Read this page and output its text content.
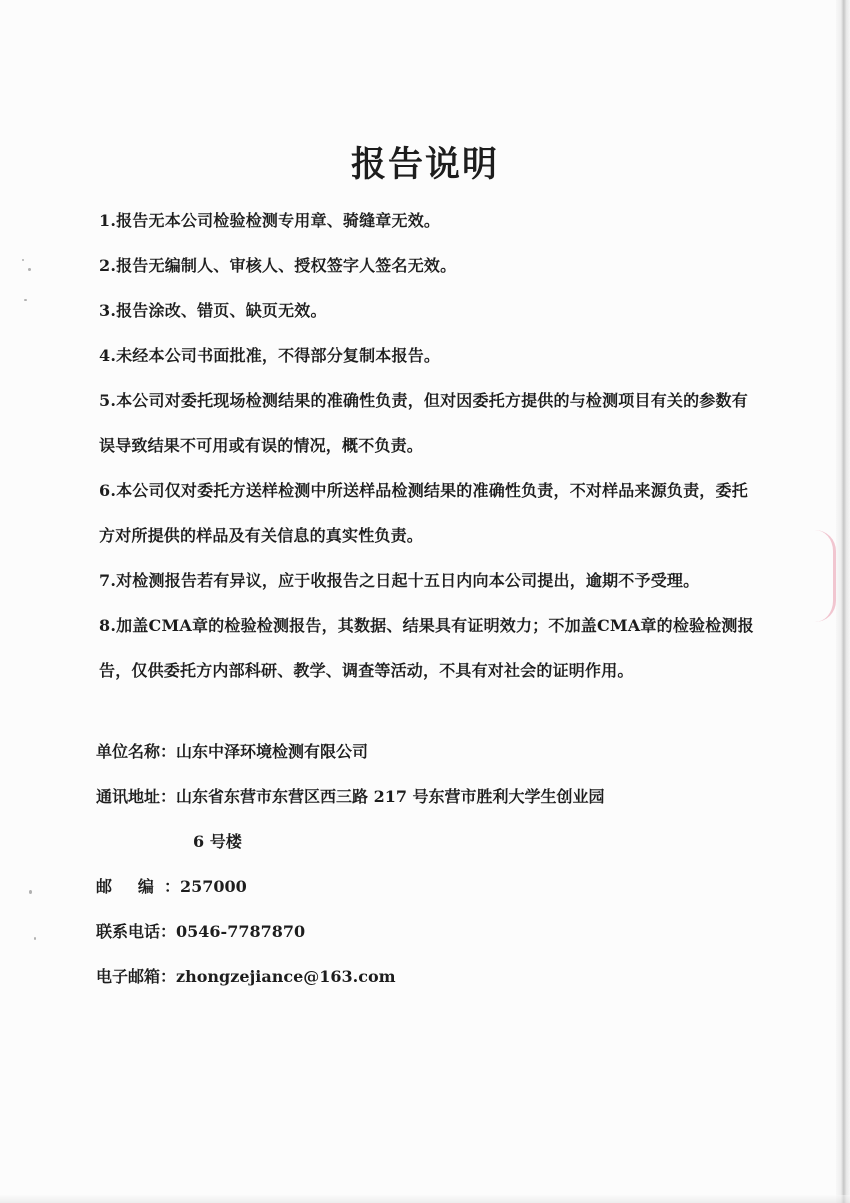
报告说明

1.报告无本公司检验检测专用章、骑缝章无效。

2.报告无编制人、审核人、授权签字人签名无效。

3.报告涂改、错页、缺页无效。

4.未经本公司书面批准，不得部分复制本报告。

5.本公司对委托现场检测结果的准确性负责，但对因委托方提供的与检测项目有关的参数有误导致结果不可用或有误的情况，概不负责。

6.本公司仅对委托方送样检测中所送样品检测结果的准确性负责，不对样品来源负责，委托方对所提供的样品及有关信息的真实性负责。

7.对检测报告若有异议，应于收报告之日起十五日内向本公司提出，逾期不予受理。

8.加盖CMA章的检验检测报告，其数据、结果具有证明效力；不加盖CMA章的检验检测报告，仅供委托方内部科研、教学、调查等活动，不具有对社会的证明作用。

单位名称： 山东中泽环境检测有限公司
通讯地址： 山东省东营市东营区西三路 217 号东营市胜利大学生创业园
6 号楼
邮 编： 257000
联系电话： 0546-7787870
电子邮箱： zhongzejiance@163.com
